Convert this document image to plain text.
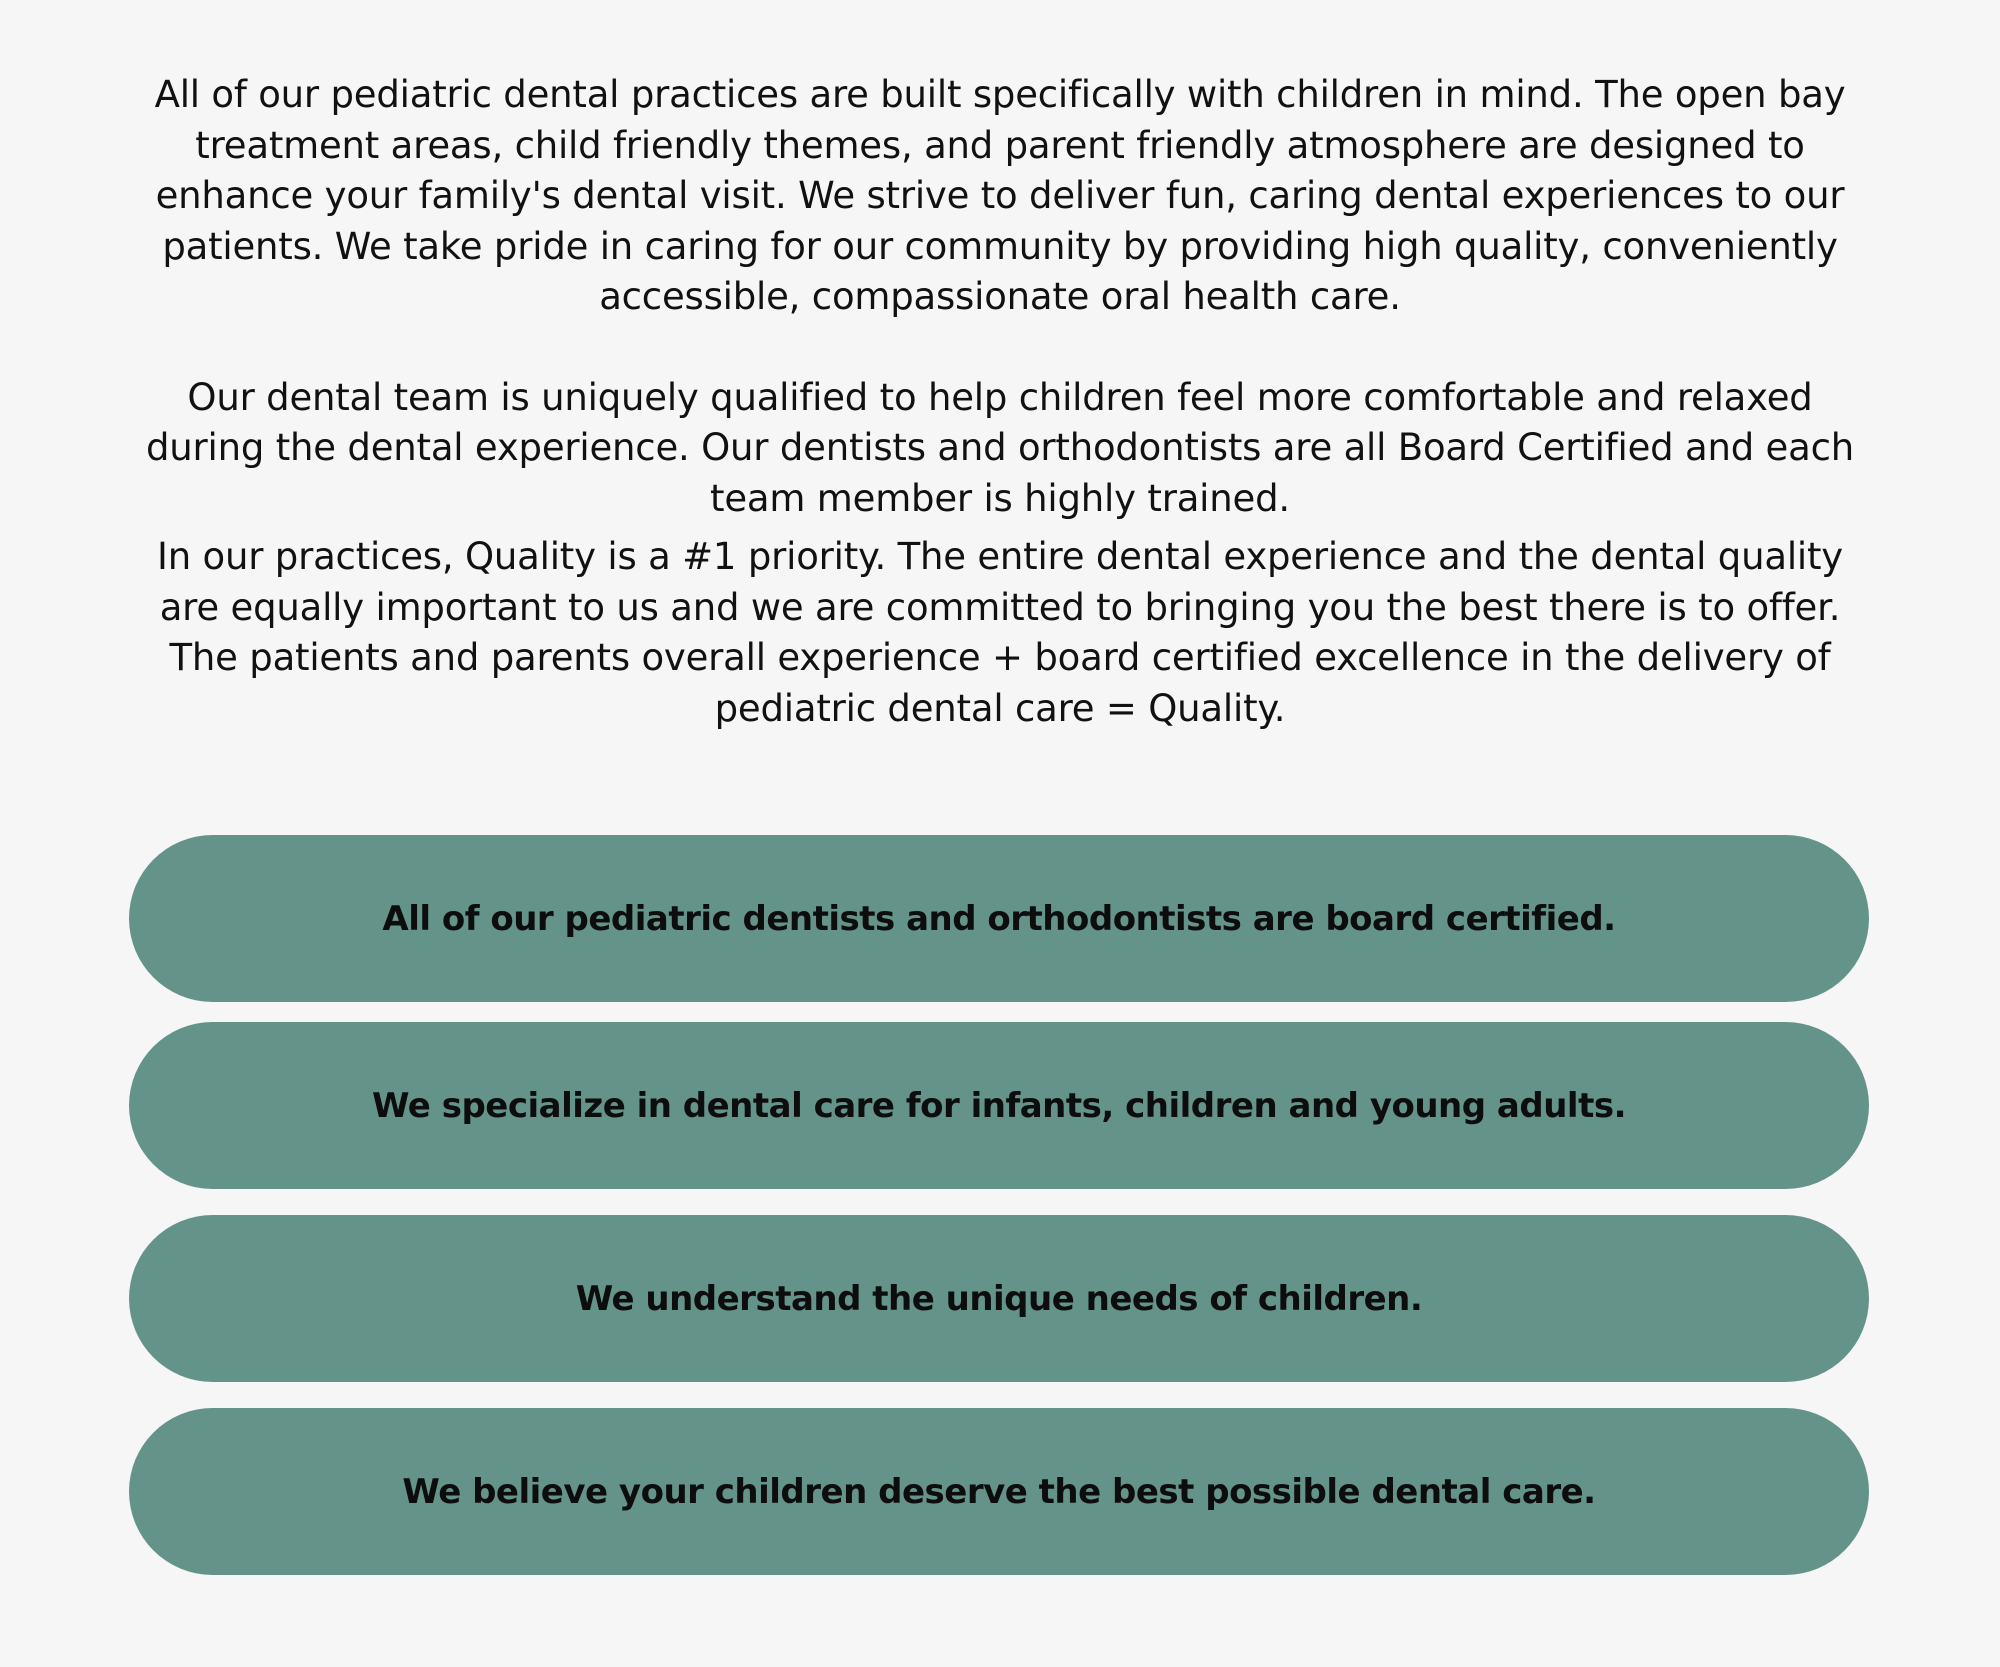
All of our pediatric dental practices are built specifically with children in mind. The open bay treatment areas, child friendly themes, and parent friendly atmosphere are designed to enhance your family's dental visit. We strive to deliver fun, caring dental experiences to our patients. We take pride in caring for our community by providing high quality, conveniently accessible, compassionate oral health care.

Our dental team is uniquely qualified to help children feel more comfortable and relaxed during the dental experience. Our dentists and orthodontists are all Board Certified and each team member is highly trained.

In our practices, Quality is a #1 priority. The entire dental experience and the dental quality are equally important to us and we are committed to bringing you the best there is to offer. The patients and parents overall experience + board certified excellence in the delivery of pediatric dental care = Quality.

All of our pediatric dentists and orthodontists are board certified.
We specialize in dental care for infants, children and young adults.
We understand the unique needs of children.
We believe your children deserve the best possible dental care.
